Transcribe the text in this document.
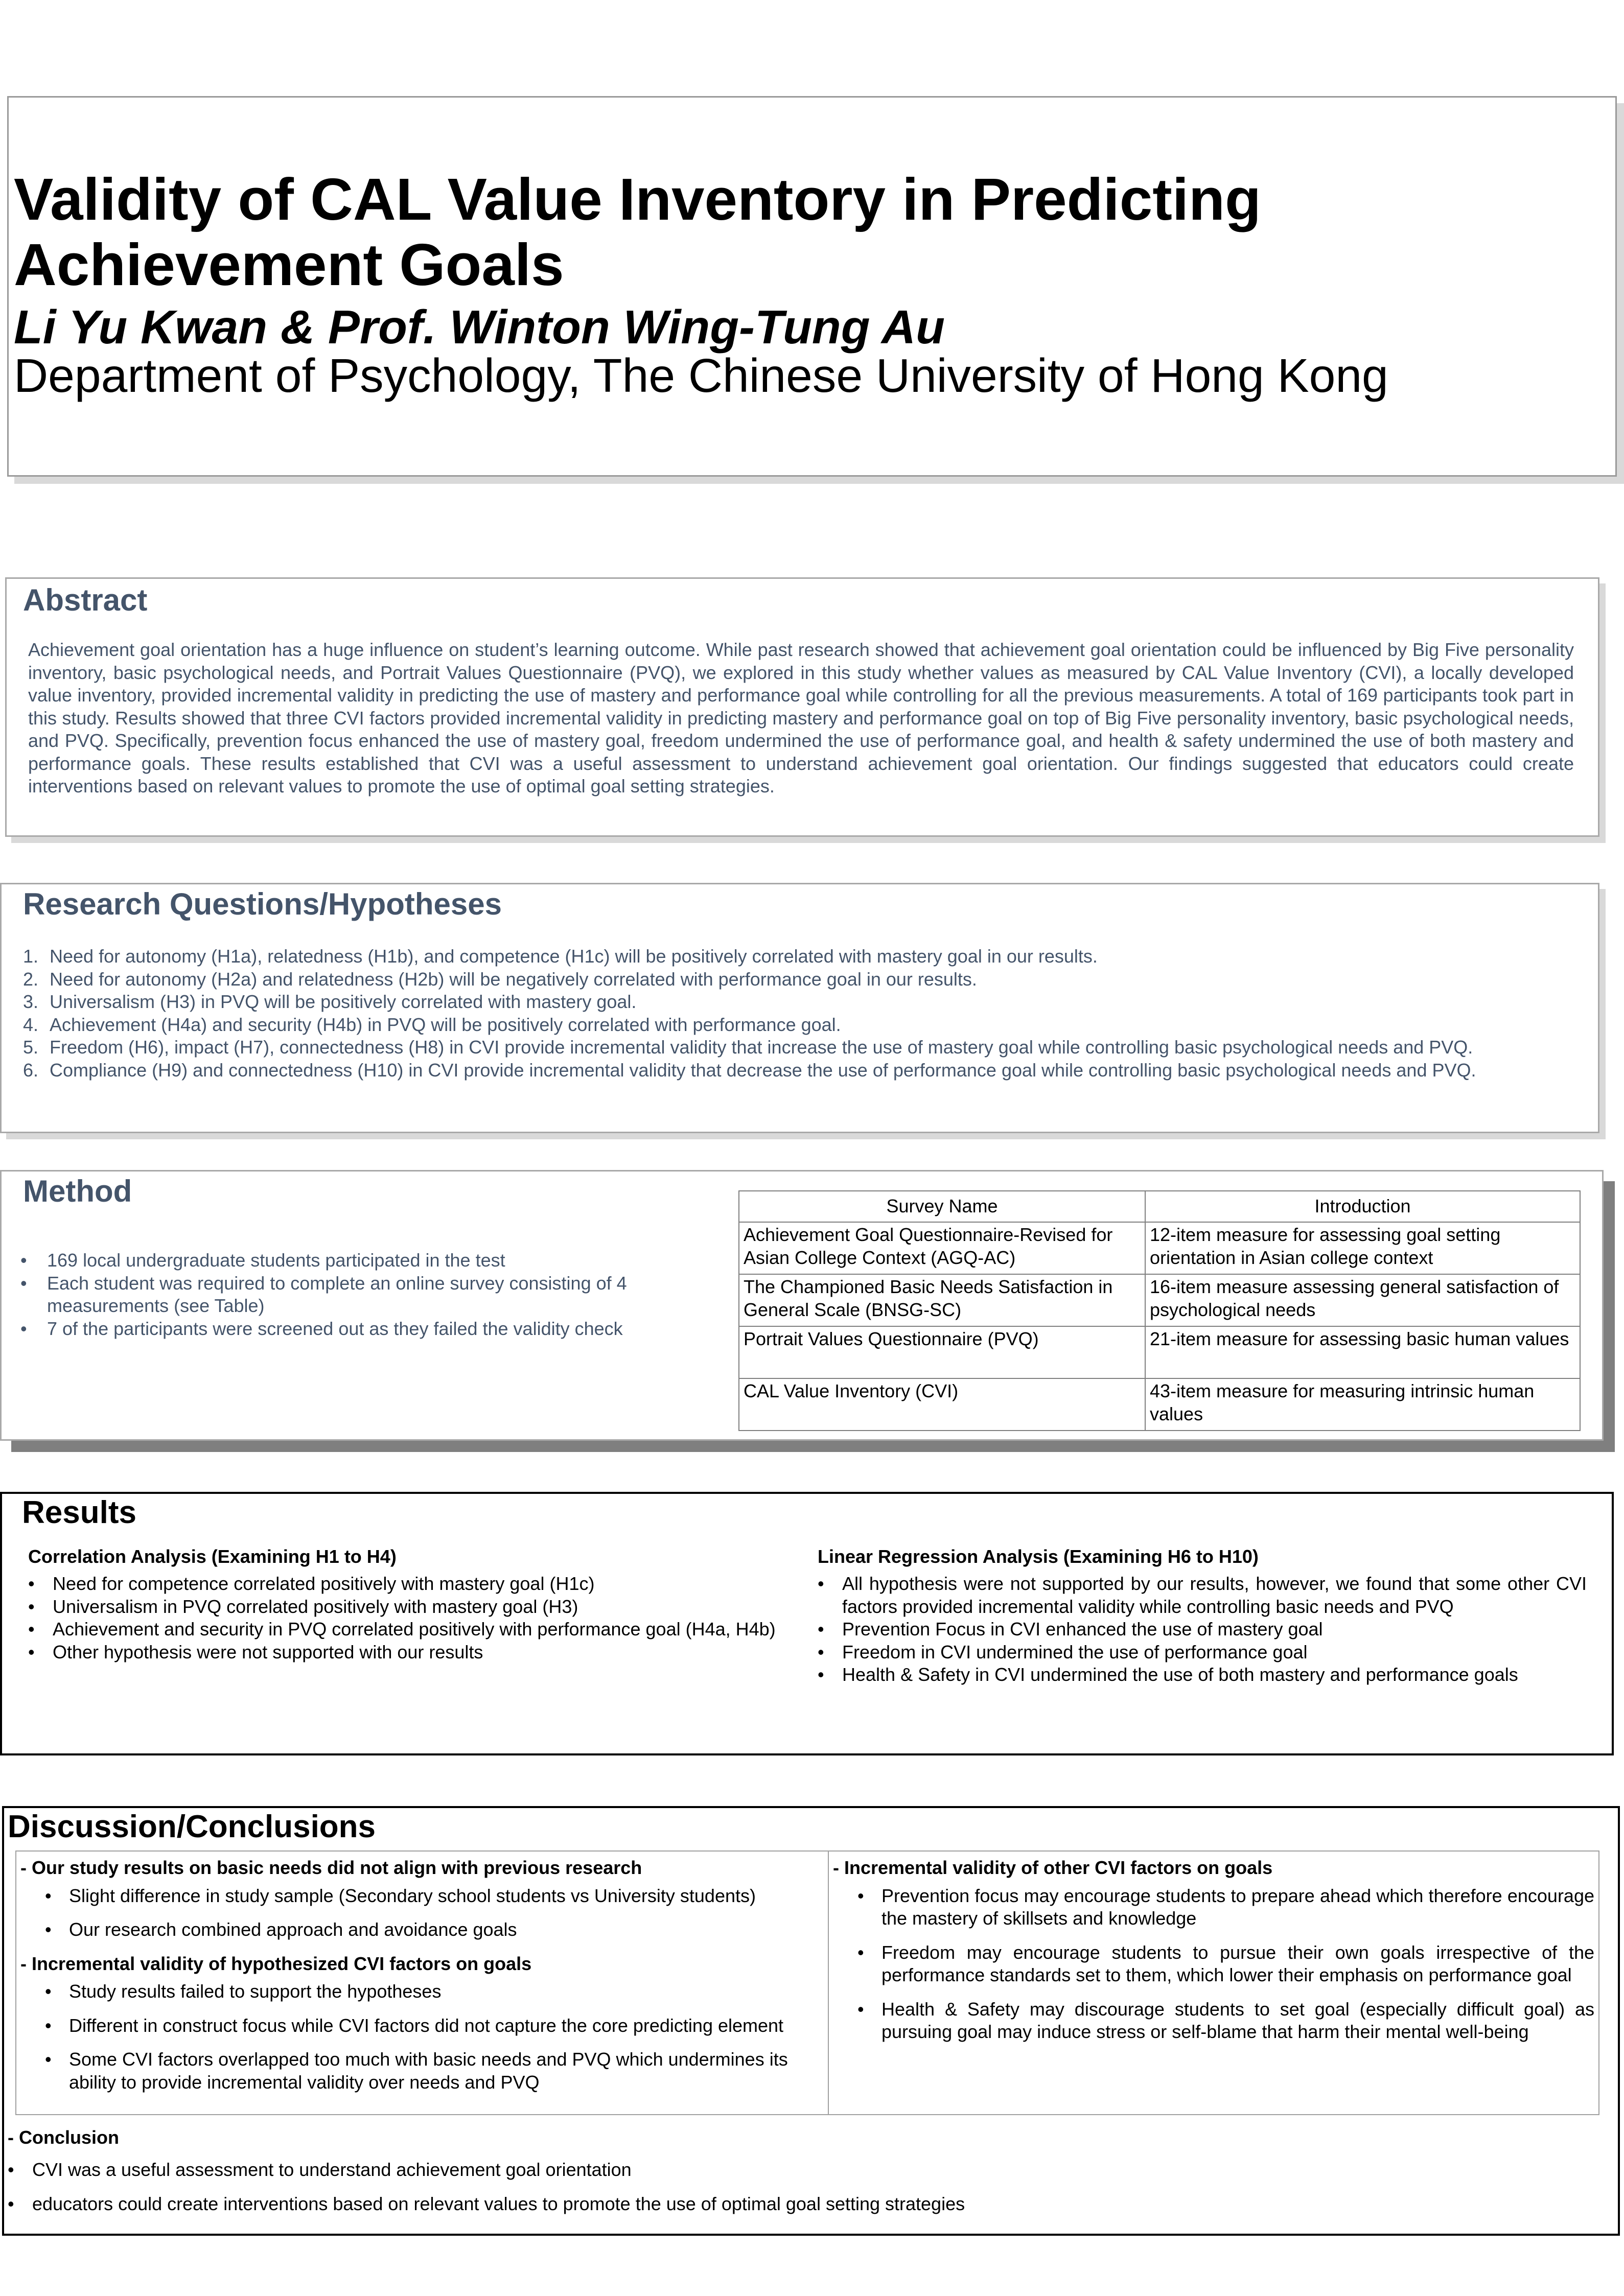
Validity of CAL Value Inventory in Predicting Achievement Goals
Li Yu Kwan & Prof. Winton Wing-Tung Au
Department of Psychology, The Chinese University of Hong Kong
Abstract
Achievement goal orientation has a huge influence on student’s learning outcome. While past research showed that achievement goal orientation could be influenced by Big Five personality inventory, basic psychological needs, and Portrait Values Questionnaire (PVQ), we explored in this study whether values as measured by CAL Value Inventory (CVI), a locally developed value inventory, provided incremental validity in predicting the use of mastery and performance goal while controlling for all the previous measurements. A total of 169 participants took part in this study. Results showed that three CVI factors provided incremental validity in predicting mastery and performance goal on top of Big Five personality inventory, basic psychological needs, and PVQ. Specifically, prevention focus enhanced the use of mastery goal, freedom undermined the use of performance goal, and health & safety undermined the use of both mastery and performance goals. These results established that CVI was a useful assessment to understand achievement goal orientation. Our findings suggested that educators could create interventions based on relevant values to promote the use of optimal goal setting strategies.
Research Questions/Hypotheses
1. Need for autonomy (H1a), relatedness (H1b), and competence (H1c) will be positively correlated with mastery goal in our results.
2. Need for autonomy (H2a) and relatedness (H2b) will be negatively correlated with performance goal in our results.
3. Universalism (H3) in PVQ will be positively correlated with mastery goal.
4. Achievement (H4a) and security (H4b) in PVQ will be positively correlated with performance goal.
5. Freedom (H6), impact (H7), connectedness (H8) in CVI provide incremental validity that increase the use of mastery goal while controlling basic psychological needs and PVQ.
6. Compliance (H9) and connectedness (H10) in CVI provide incremental validity that decrease the use of performance goal while controlling basic psychological needs and PVQ.
Method
•	169 local undergraduate students participated in the test
•	Each student was required to complete an online survey consisting of 4 measurements (see Table)
•	7 of the participants were screened out as they failed the validity check
Survey Name	Introduction
Achievement Goal Questionnaire-Revised for Asian College Context (AGQ-AC)	12-item measure for assessing goal setting orientation in Asian college context
The Championed Basic Needs Satisfaction in General Scale (BNSG-SC)	16-item measure assessing general satisfaction of psychological needs
Portrait Values Questionnaire (PVQ)	21-item measure for assessing basic human values
CAL Value Inventory (CVI)	43-item measure for measuring intrinsic human values
Results
Correlation Analysis (Examining H1 to H4)
• Need for competence correlated positively with mastery goal (H1c)
• Universalism in PVQ correlated positively with mastery goal (H3)
• Achievement and security in PVQ correlated positively with performance goal (H4a, H4b)
• Other hypothesis were not supported with our results
Linear Regression Analysis (Examining H6 to H10)
• All hypothesis were not supported by our results, however, we found that some other CVI factors provided incremental validity while controlling basic needs and PVQ
• Prevention Focus in CVI enhanced the use of mastery goal
• Freedom in CVI undermined the use of performance goal
• Health & Safety in CVI undermined the use of both mastery and performance goals
Discussion/Conclusions
- Our study results on basic needs did not align with previous research
• Slight difference in study sample (Secondary school students vs University students)
• Our research combined approach and avoidance goals
- Incremental validity of hypothesized CVI factors on goals
• Study results failed to support the hypotheses
• Different in construct focus while CVI factors did not capture the core predicting element
• Some CVI factors overlapped too much with basic needs and PVQ which undermines its ability to provide incremental validity over needs and PVQ

- Incremental validity of other CVI factors on goals
• Prevention focus may encourage students to prepare ahead which therefore encourage the mastery of skillsets and knowledge
• Freedom may encourage students to pursue their own goals irrespective of the performance standards set to them, which lower their emphasis on performance goal
• Health & Safety may discourage students to set goal (especially difficult goal) as pursuing goal may induce stress or self-blame that harm their mental well-being
- Conclusion
• CVI was a useful assessment to understand achievement goal orientation
• educators could create interventions based on relevant values to promote the use of optimal goal setting strategies
